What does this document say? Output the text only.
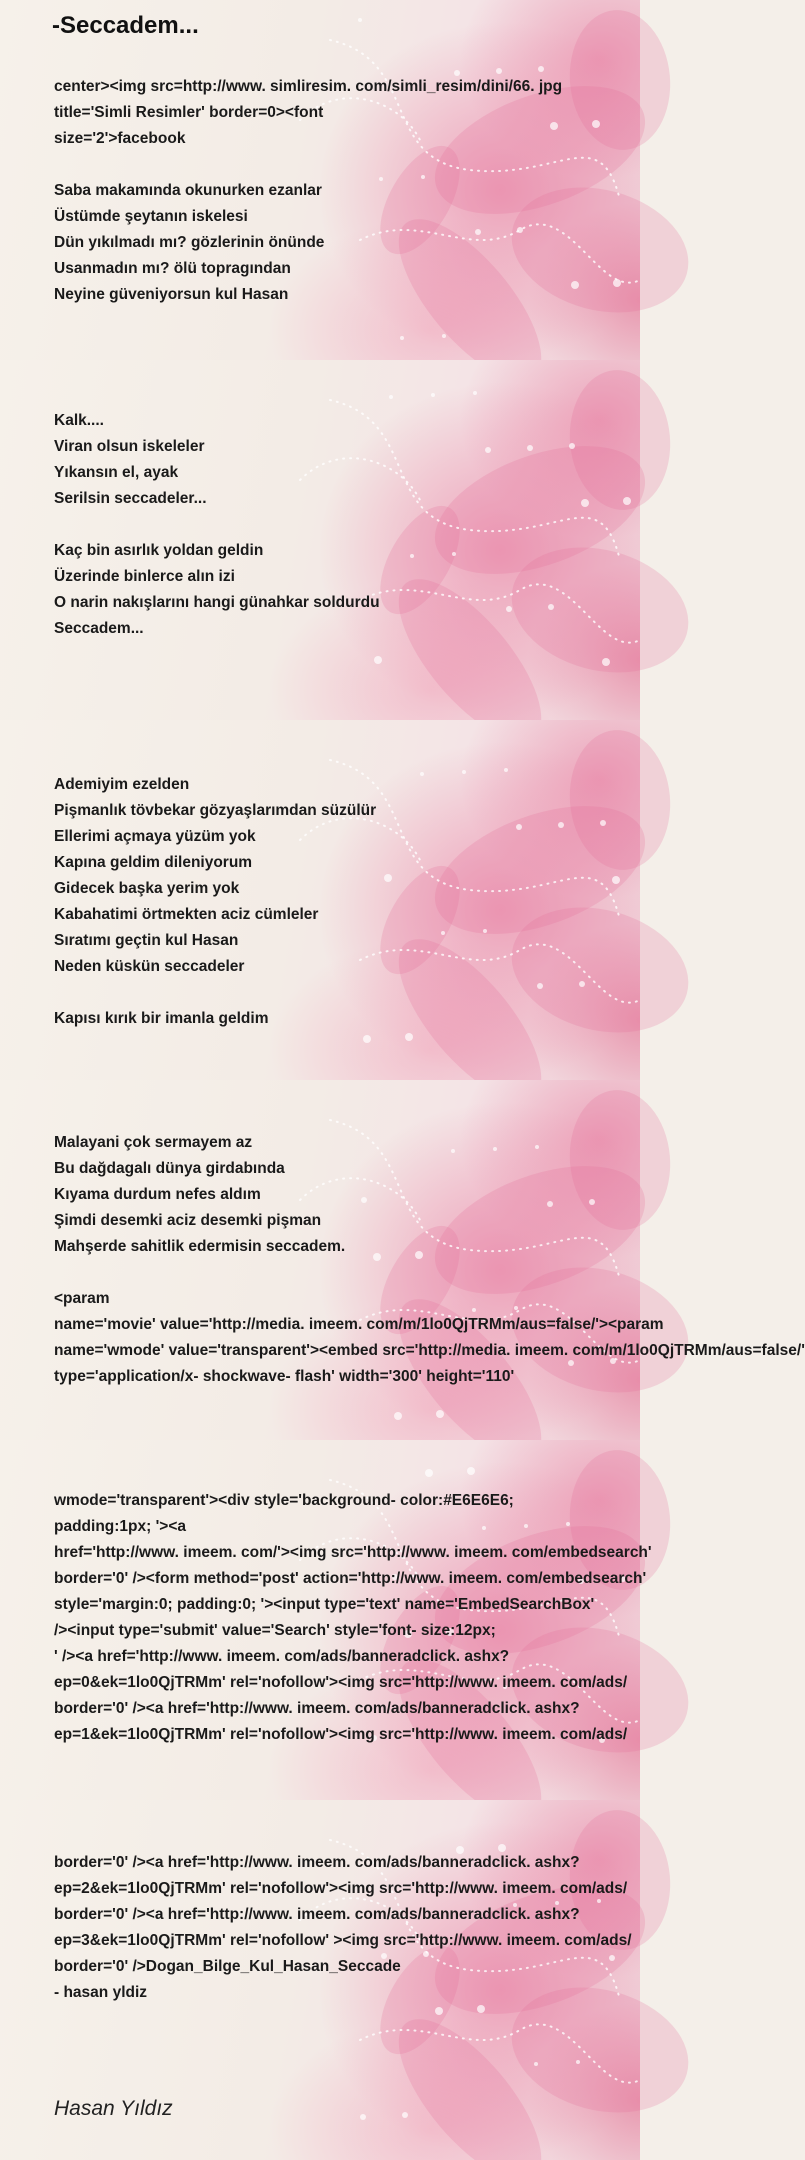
-Seccadem...
center><img src=http://www. simliresim. com/simli_resim/dini/66. jpg
title='Simli Resimler' border=0><font
size='2'>facebook
Saba makamında okunurken ezanlar
Üstümde şeytanın iskelesi
Dün yıkılmadı mı? gözlerinin önünde
Usanmadın mı? ölü topragından
Neyine güveniyorsun kul Hasan
Kalk....
Viran olsun iskeleler
Yıkansın el, ayak
Serilsin seccadeler...
Kaç bin asırlık yoldan geldin
Üzerinde binlerce alın izi
O narin nakışlarını hangi günahkar soldurdu
Seccadem...
Ademiyim ezelden
Pişmanlık tövbekar gözyaşlarımdan süzülür
Ellerimi açmaya yüzüm yok
Kapına geldim dileniyorum
Gidecek başka yerim yok
Kabahatimi örtmekten aciz cümleler
Sıratımı geçtin kul Hasan
Neden küskün seccadeler
Kapısı kırık bir imanla geldim
Malayani çok sermayem az
Bu dağdagalı dünya girdabında
Kıyama durdum nefes aldım
Şimdi desemki aciz desemki pişman
Mahşerde sahitlik edermisin seccadem.
<param
name='movie' value='http://media. imeem. com/m/1lo0QjTRMm/aus=false/'><param
name='wmode' value='transparent'><embed src='http://media. imeem. com/m/1lo0QjTRMm/aus=false/'
type='application/x- shockwave- flash' width='300' height='110'
wmode='transparent'><div style='background- color:#E6E6E6;
padding:1px; '><a
href='http://www. imeem. com/'><img src='http://www. imeem. com/embedsearch'
border='0' /><form method='post' action='http://www. imeem. com/embedsearch'
style='margin:0; padding:0; '><input type='text' name='EmbedSearchBox'
/><input type='submit' value='Search' style='font- size:12px;
' /><a href='http://www. imeem. com/ads/banneradclick. ashx?
ep=0&ek=1lo0QjTRMm' rel='nofollow'><img src='http://www. imeem. com/ads/
border='0' /><a href='http://www. imeem. com/ads/banneradclick. ashx?
ep=1&ek=1lo0QjTRMm' rel='nofollow'><img src='http://www. imeem. com/ads/
border='0' /><a href='http://www. imeem. com/ads/banneradclick. ashx?
ep=2&ek=1lo0QjTRMm' rel='nofollow'><img src='http://www. imeem. com/ads/
border='0' /><a href='http://www. imeem. com/ads/banneradclick. ashx?
ep=3&ek=1lo0QjTRMm' rel='nofollow' ><img src='http://www. imeem. com/ads/
border='0' />Dogan_Bilge_Kul_Hasan_Seccade
- hasan yldiz
Hasan Yıldız
